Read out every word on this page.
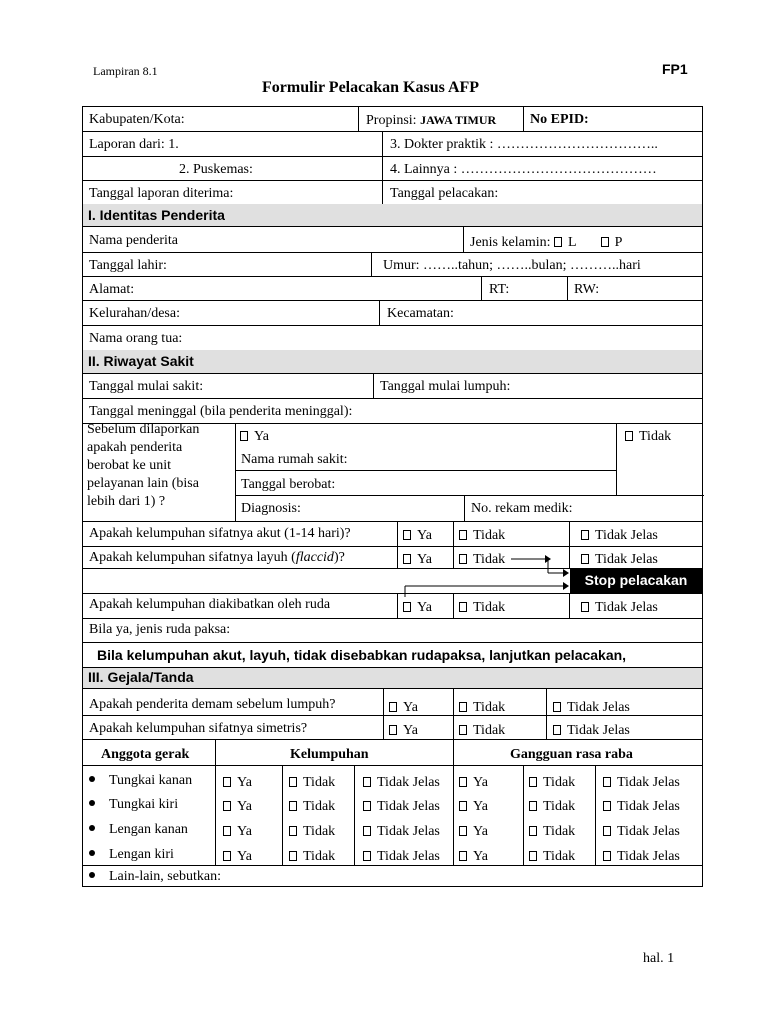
Lampiran 8.1	FP1
Formulir Pelacakan Kasus AFP
Kabupaten/Kota:	Propinsi: JAWA TIMUR No EPID:
Laporan dari: 1.	3. Dokter praktik : ……………………………..
2. Puskemas:	4. Lainnya : ……………………………………
Tanggal laporan diterima:	Tanggal pelacakan:
I. Identitas Penderita
Nama penderita	Jenis kelamin: L	P
Tanggal lahir:	Umur: ……..tahun; ……..bulan; ………..hari
Alamat:	RT:	RW:
Kelurahan/desa:	Kecamatan:
Nama orang tua:
II. Riwayat Sakit
Tanggal mulai sakit:	Tanggal mulai lumpuh:
Tanggal meninggal (bila penderita meninggal):
Sebelum dilaporkan
apakah penderita
berobat ke unit
pelayanan lain (bisa
lebih dari 1) ?
Ya	Tidak
Nama rumah sakit:
Tanggal berobat:
Diagnosis:	No. rekam medik:
Apakah kelumpuhan sifatnya akut (1-14 hari)?	Ya	Tidak	Tidak Jelas
Apakah kelumpuhan sifatnya layuh (flaccid)?	Ya	Tidak	Tidak Jelas
Stop pelacakan
Apakah kelumpuhan diakibatkan oleh ruda	Ya	Tidak	Tidak Jelas
Bila ya, jenis ruda paksa:
Bila kelumpuhan akut, layuh, tidak disebabkan rudapaksa, lanjutkan pelacakan,
III. Gejala/Tanda
Apakah penderita demam sebelum lumpuh?	Ya	Tidak	Tidak Jelas
Apakah kelumpuhan sifatnya simetris?	Ya	Tidak	Tidak Jelas
Anggota gerak	Kelumpuhan	Gangguan rasa raba
Tungkai kanan	Ya	Tidak	Tidak Jelas	Ya	Tidak	Tidak Jelas
Tungkai kiri	Ya	Tidak	Tidak Jelas	Ya	Tidak	Tidak Jelas
Lengan kanan	Ya	Tidak	Tidak Jelas	Ya	Tidak	Tidak Jelas
Lengan kiri	Ya	Tidak	Tidak Jelas	Ya	Tidak	Tidak Jelas
Lain-lain, sebutkan:
hal. 1
